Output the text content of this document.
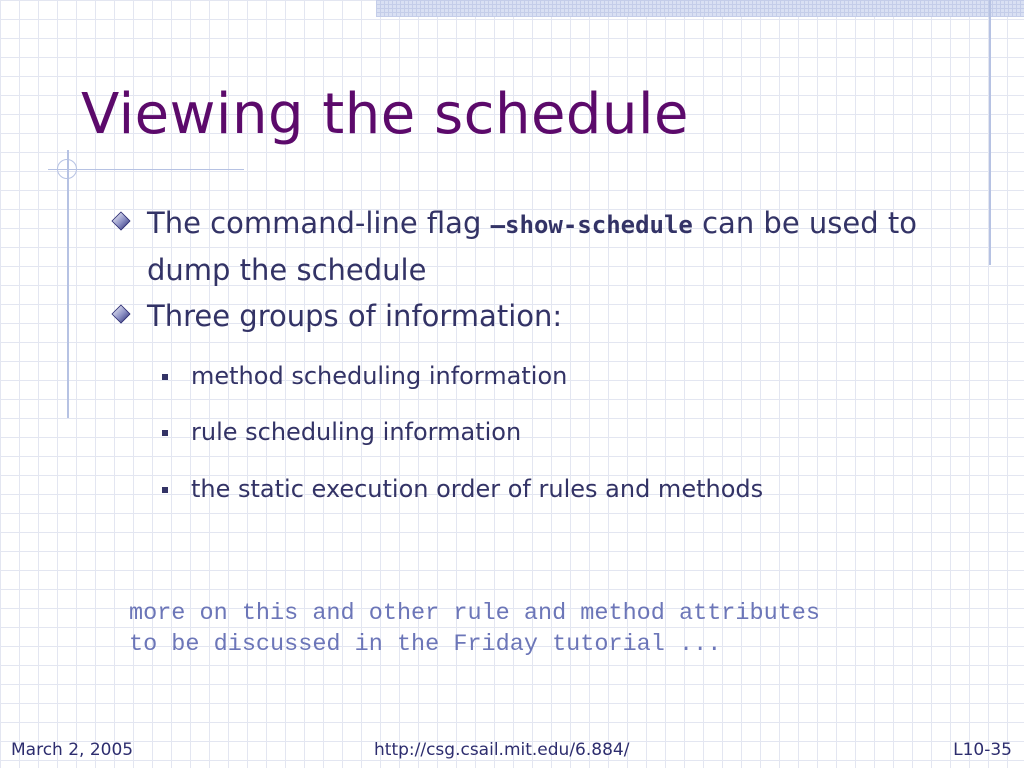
Viewing the schedule
The command-line flag –show-schedule can be used to dump the schedule
Three groups of information:
method scheduling information
rule scheduling information
the static execution order of rules and methods

more on this and other rule and method attributes to be discussed in the Friday tutorial ...

March 2, 2005	http://csg.csail.mit.edu/6.884/	L10-35
